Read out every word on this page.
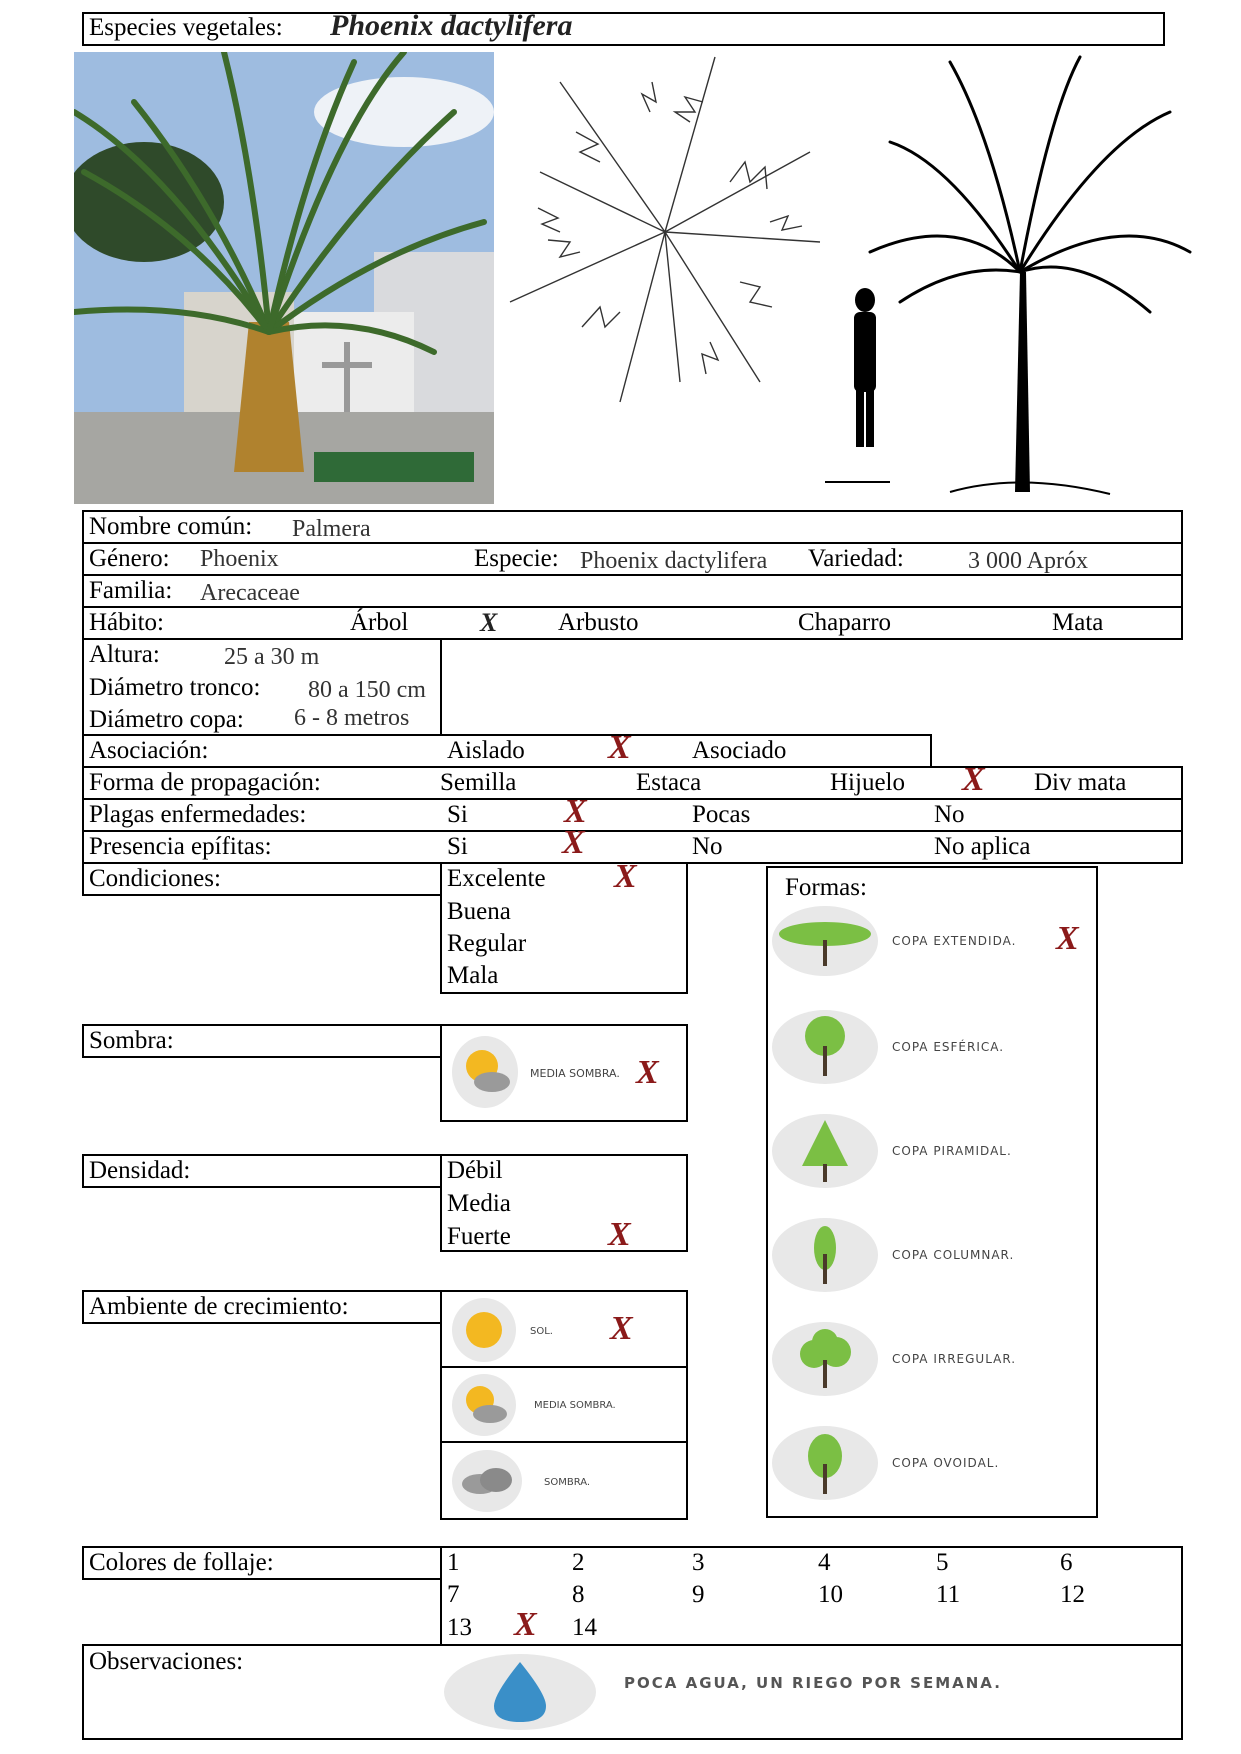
Especies vegetales: Phoenix dactylifera
Nombre común: Palmera
Género: Phoenix	Especie: Phoenix dactylifera Variedad:	3 000 Apróx
Familia: Arecaceae
Hábito:	Árbol	X Arbusto	Chaparro	Mata
Altura:	25 a 30 m
Diámetro tronco: 80 a 150 cm
Diámetro copa: 6 - 8 metros
Asociación:	Aislado X Asociado
Forma de propagación:	Semilla	Estaca	Hijuelo X Div mata
Plagas enfermedades:	Si	X	Pocas	No
Presencia epífitas:	Si	X	No	No aplica
Condiciones:	Excelente X
Buena
Regular
Mala
Sombra:
MEDIA SOMBRA. X
Densidad:	Débil
Media
Fuerte	X
Ambiente de crecimiento:
SOL. X
MEDIA SOMBRA.
SOMBRA.
Formas:
COPA EXTENDIDA. X
COPA ESFÉRICA.
COPA PIRAMIDAL.
COPA COLUMNAR.
COPA IRREGULAR.
COPA OVOIDAL.
Colores de follaje:	1	2	3	4	5	6
7	8	9	10	11	12
13 X 14
Observaciones:
POCA AGUA, UN RIEGO POR SEMANA.
